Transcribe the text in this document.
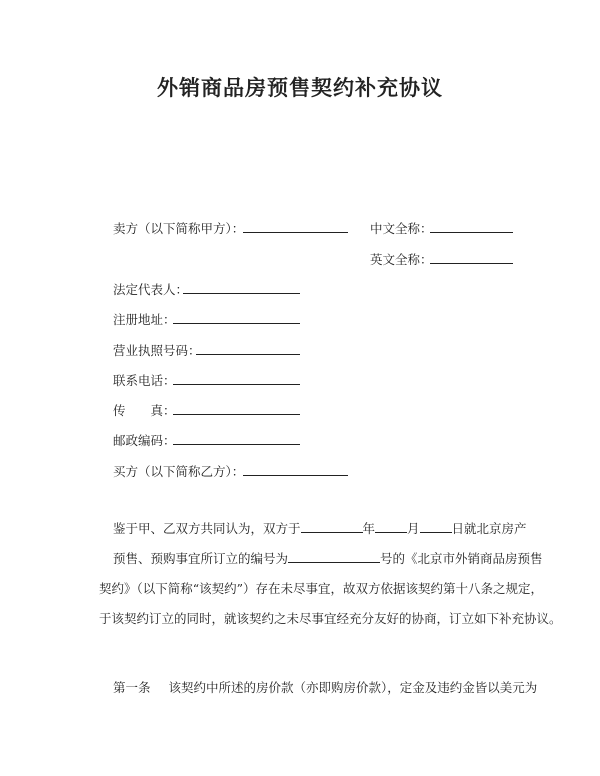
外销商品房预售契约补充协议
卖方（以下简称甲方）：	中文全称：
英文全称：
法定代表人：
注册地址：
营业执照号码：
联系电话：
传　　真：
邮政编码：
买方（以下简称乙方）：
鉴于甲、乙双方共同认为，双方于	年	月	日就北京房产
预售、预购事宜所订立的编号为	号的《北京市外销商品房预售
契约》（以下简称“该契约”）存在未尽事宜，故双方依据该契约第十八条之规定，
于该契约订立的同时，就该契约之未尽事宜经充分友好的协商，订立如下补充协议。
第一条 该契约中所述的房价款（亦即购房价款），定金及违约金皆以美元为
